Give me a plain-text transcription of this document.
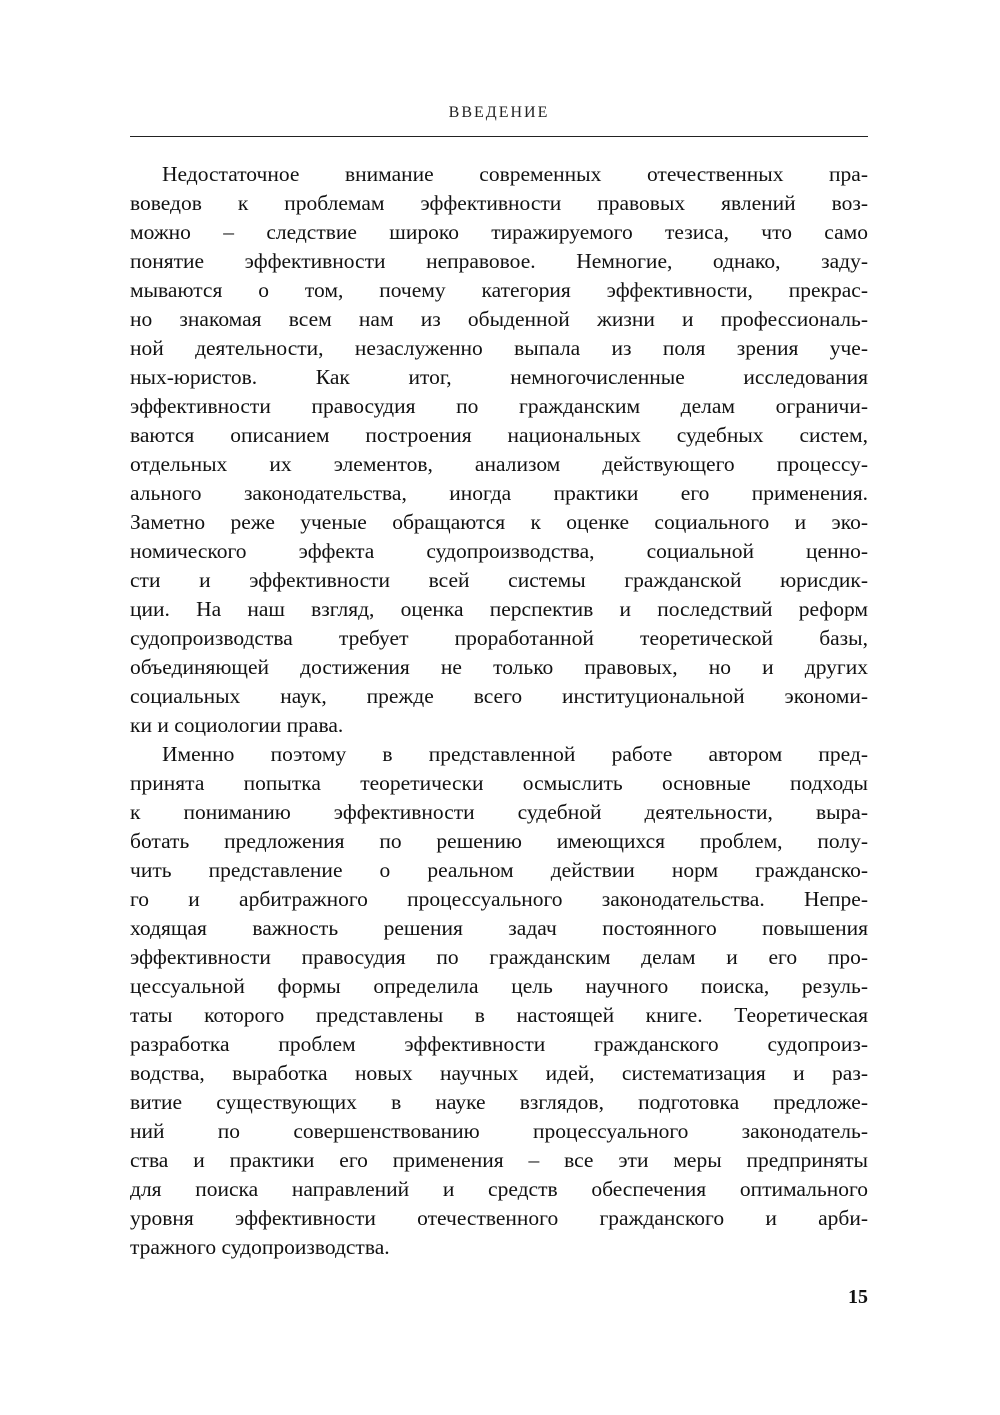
ВВЕДЕНИЕ
Недостаточное внимание современных отечественных пра-
воведов к проблемам эффективности правовых явлений воз-
можно – следствие широко тиражируемого тезиса, что само
понятие эффективности неправовое. Немногие, однако, заду-
мываются о том, почему категория эффективности, прекрас-
но знакомая всем нам из обыденной жизни и профессиональ-
ной деятельности, незаслуженно выпала из поля зрения уче-
ных-юристов. Как итог, немногочисленные исследования
эффективности правосудия по гражданским делам ограничи-
ваются описанием построения национальных судебных систем,
отдельных их элементов, анализом действующего процессу-
ального законодательства, иногда практики его применения.
Заметно реже ученые обращаются к оценке социального и эко-
номического эффекта судопроизводства, социальной ценно-
сти и эффективности всей системы гражданской юрисдик-
ции. На наш взгляд, оценка перспектив и последствий реформ
судопроизводства требует проработанной теоретической базы,
объединяющей достижения не только правовых, но и других
социальных наук, прежде всего институциональной экономи-
ки и социологии права.
Именно поэтому в представленной работе автором пред-
принята попытка теоретически осмыслить основные подходы
к пониманию эффективности судебной деятельности, выра-
ботать предложения по решению имеющихся проблем, полу-
чить представление о реальном действии норм гражданско-
го и арбитражного процессуального законодательства. Непре-
ходящая важность решения задач постоянного повышения
эффективности правосудия по гражданским делам и его про-
цессуальной формы определила цель научного поиска, резуль-
таты которого представлены в настоящей книге. Теоретическая
разработка проблем эффективности гражданского судопроиз-
водства, выработка новых научных идей, систематизация и раз-
витие существующих в науке взглядов, подготовка предложе-
ний по совершенствованию процессуального законодатель-
ства и практики его применения – все эти меры предприняты
для поиска направлений и средств обеспечения оптимального
уровня эффективности отечественного гражданского и арби-
тражного судопроизводства.
15
